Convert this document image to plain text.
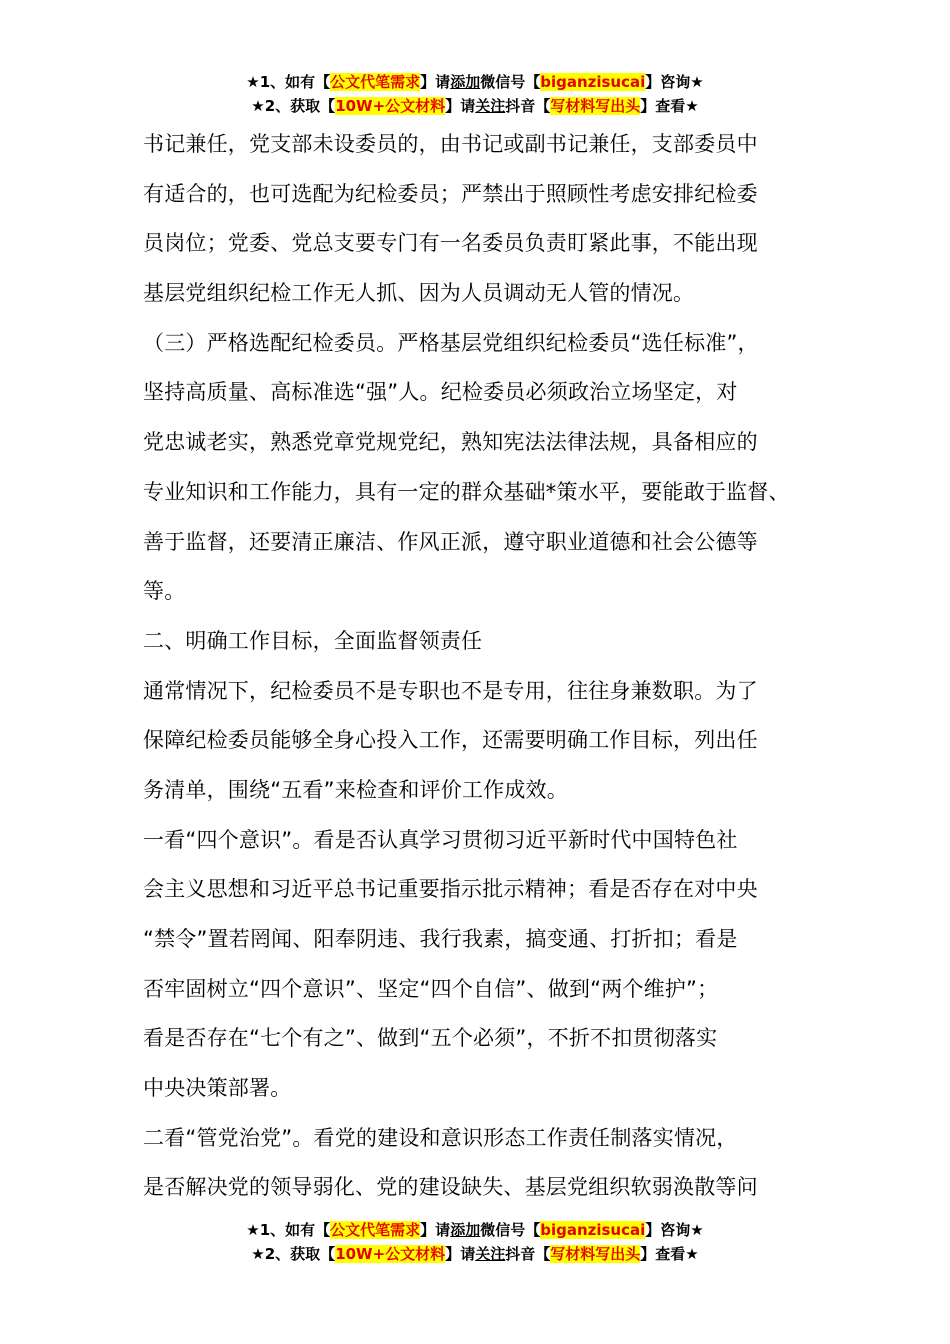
★1、如有【公文代笔需求】请添加微信号【biganzisucai】咨询★
★2、获取【10W+公文材料】请关注抖音【写材料写出头】查看★
书记兼任，党支部未设委员的，由书记或副书记兼任，支部委员中
有适合的，也可选配为纪检委员；严禁出于照顾性考虑安排纪检委
员岗位；党委、党总支要专门有一名委员负责盯紧此事，不能出现
基层党组织纪检工作无人抓、因为人员调动无人管的情况。
（三）严格选配纪检委员。严格基层党组织纪检委员“选任标准”，
坚持高质量、高标准选“强”人。纪检委员必须政治立场坚定，对
党忠诚老实，熟悉党章党规党纪，熟知宪法法律法规，具备相应的
专业知识和工作能力，具有一定的群众基础*策水平，要能敢于监督、
善于监督，还要清正廉洁、作风正派，遵守职业道德和社会公德等
等。
二、明确工作目标，全面监督领责任
通常情况下，纪检委员不是专职也不是专用，往往身兼数职。为了
保障纪检委员能够全身心投入工作，还需要明确工作目标，列出任
务清单，围绕“五看”来检查和评价工作成效。
一看“四个意识”。看是否认真学习贯彻习近平新时代中国特色社
会主义思想和习近平总书记重要指示批示精神；看是否存在对中央
“禁令”置若罔闻、阳奉阴违、我行我素，搞变通、打折扣；看是
否牢固树立“四个意识”、坚定“四个自信”、做到“两个维护”；
看是否存在“七个有之”、做到“五个必须”，不折不扣贯彻落实
中央决策部署。
二看“管党治党”。看党的建设和意识形态工作责任制落实情况，
是否解决党的领导弱化、党的建设缺失、基层党组织软弱涣散等问
★1、如有【公文代笔需求】请添加微信号【biganzisucai】咨询★
★2、获取【10W+公文材料】请关注抖音【写材料写出头】查看★
